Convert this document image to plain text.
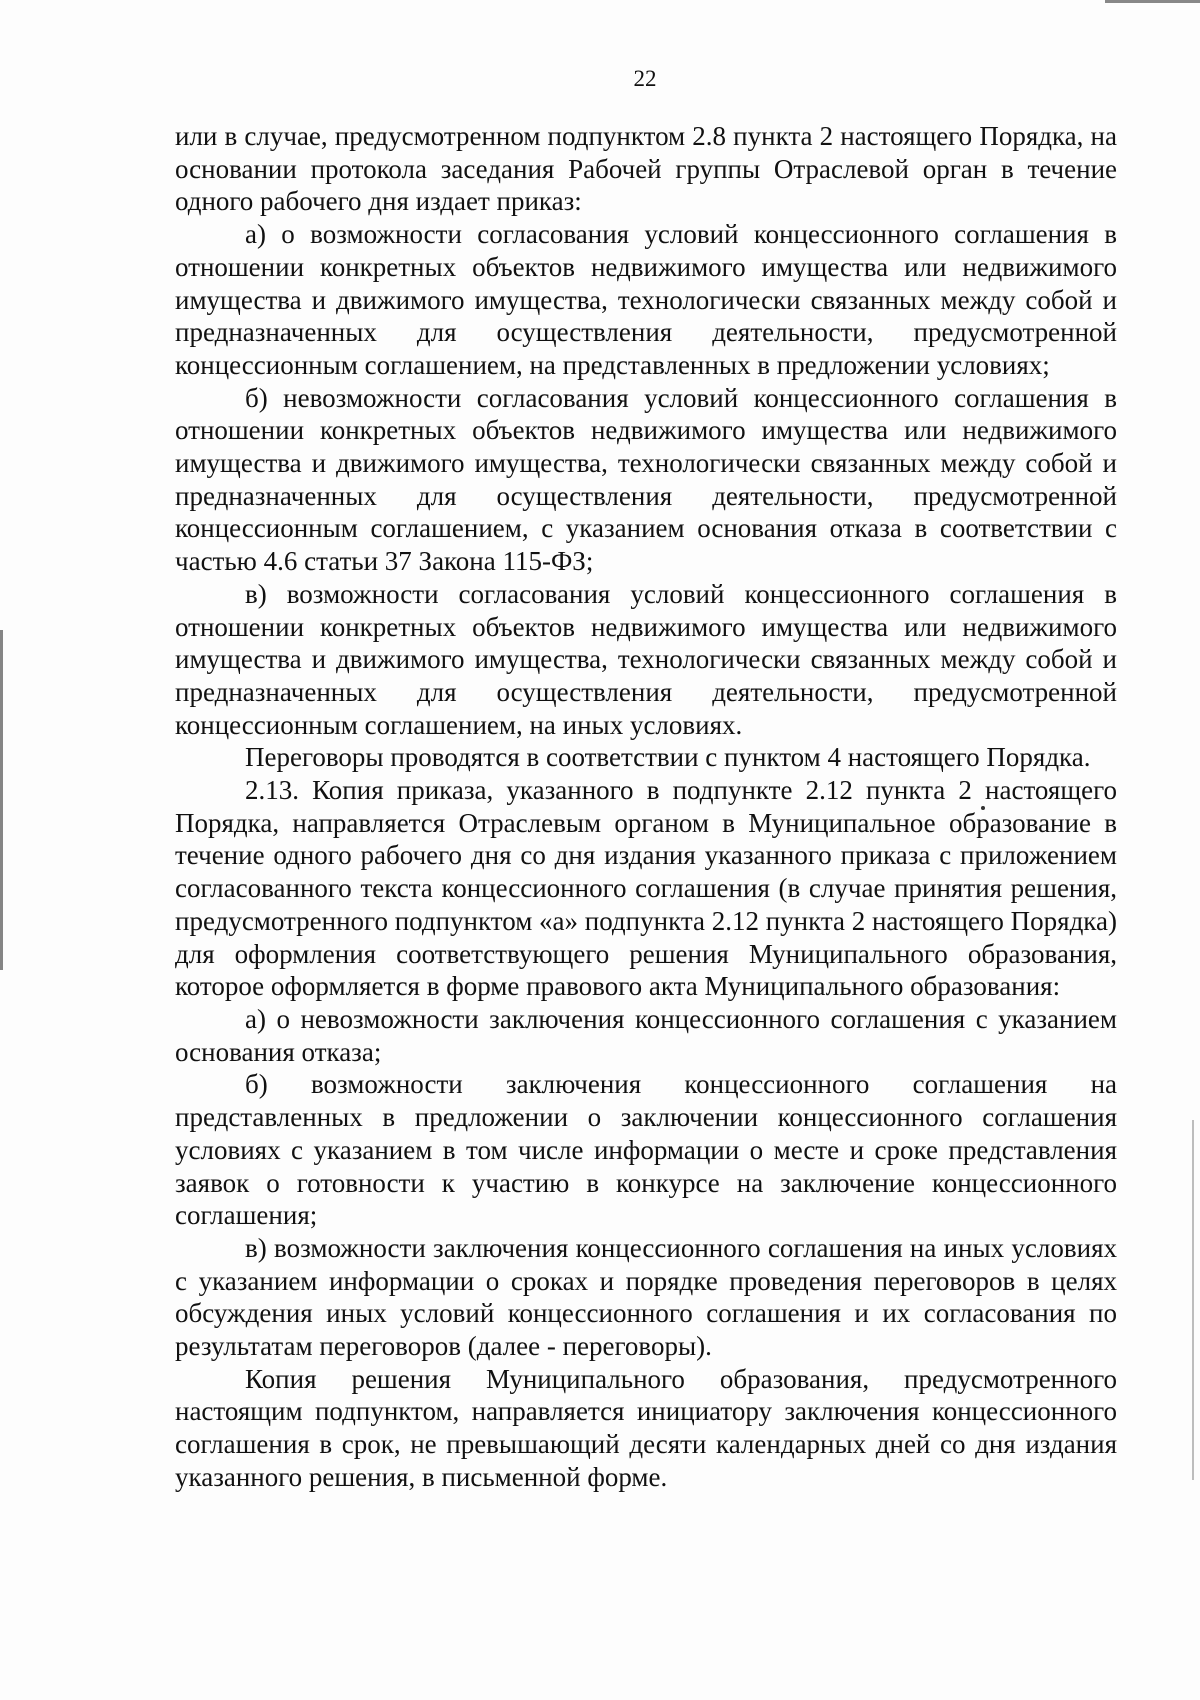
22

или в случае, предусмотренном подпунктом 2.8 пункта 2 настоящего Порядка, на основании протокола заседания Рабочей группы Отраслевой орган в течение одного рабочего дня издает приказ:

а) о возможности согласования условий концессионного соглашения в отношении конкретных объектов недвижимого имущества или недвижимого имущества и движимого имущества, технологически связанных между собой и предназначенных для осуществления деятельности, предусмотренной концессионным соглашением, на представленных в предложении условиях;

б) невозможности согласования условий концессионного соглашения в отношении конкретных объектов недвижимого имущества или недвижимого имущества и движимого имущества, технологически связанных между собой и предназначенных для осуществления деятельности, предусмотренной концессионным соглашением, с указанием основания отказа в соответствии с частью 4.6 статьи 37 Закона 115-ФЗ;

в) возможности согласования условий концессионного соглашения в отношении конкретных объектов недвижимого имущества или недвижимого имущества и движимого имущества, технологически связанных между собой и предназначенных для осуществления деятельности, предусмотренной концессионным соглашением, на иных условиях.

Переговоры проводятся в соответствии с пунктом 4 настоящего Порядка.

2.13. Копия приказа, указанного в подпункте 2.12 пункта 2 настоящего Порядка, направляется Отраслевым органом в Муниципальное образование в течение одного рабочего дня со дня издания указанного приказа с приложением согласованного текста концессионного соглашения (в случае принятия решения, предусмотренного подпунктом «а» подпункта 2.12 пункта 2 настоящего Порядка) для оформления соответствующего решения Муниципального образования, которое оформляется в форме правового акта Муниципального образования:

а) о невозможности заключения концессионного соглашения с указанием основания отказа;

б) возможности заключения концессионного соглашения на представленных в предложении о заключении концессионного соглашения условиях с указанием в том числе информации о месте и сроке представления заявок о готовности к участию в конкурсе на заключение концессионного соглашения;

в) возможности заключения концессионного соглашения на иных условиях с указанием информации о сроках и порядке проведения переговоров в целях обсуждения иных условий концессионного соглашения и их согласования по результатам переговоров (далее - переговоры).

Копия решения Муниципального образования, предусмотренного настоящим подпунктом, направляется инициатору заключения концессионного соглашения в срок, не превышающий десяти календарных дней со дня издания указанного решения, в письменной форме.
